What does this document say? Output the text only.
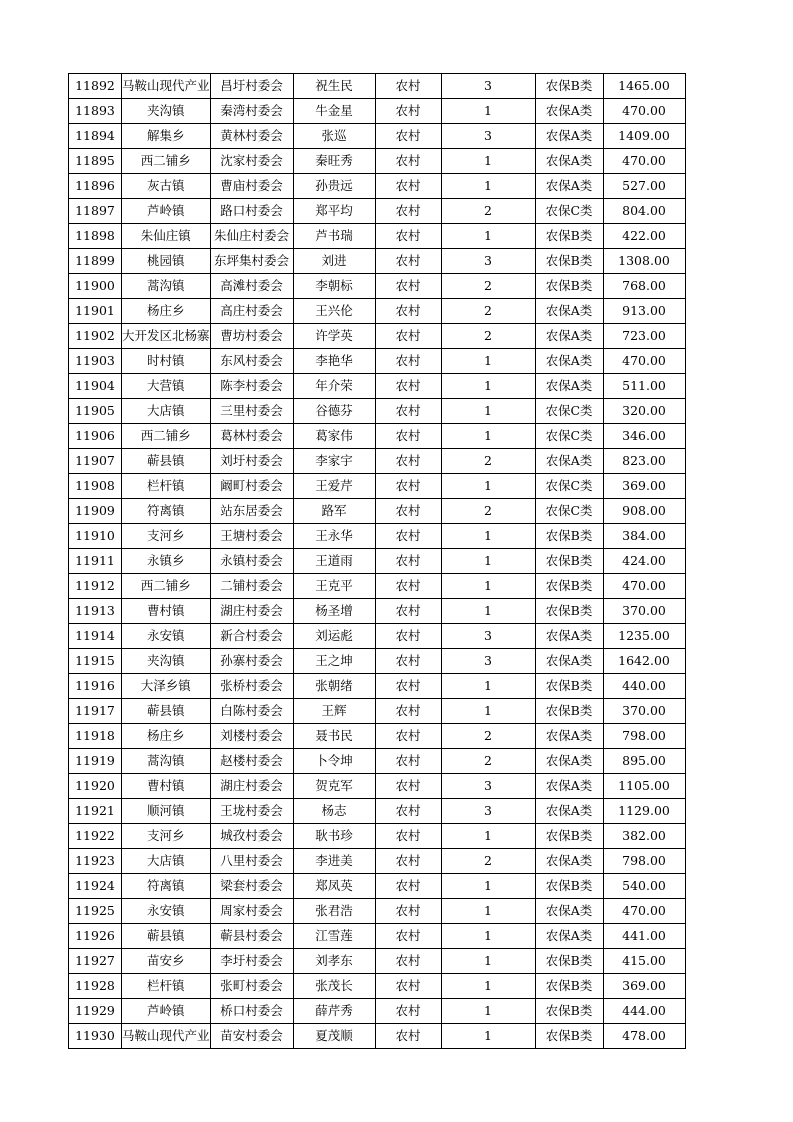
11892	马鞍山现代产业	昌圩村委会	祝生民	农村	3	农保B类	1465.00
11893	夹沟镇	秦湾村委会	牛金星	农村	1	农保A类	470.00
11894	解集乡	黄林村委会	张巡	农村	3	农保A类	1409.00
11895	西二铺乡	沈家村委会	秦旺秀	农村	1	农保A类	470.00
11896	灰古镇	曹庙村委会	孙贵远	农村	1	农保A类	527.00
11897	芦岭镇	路口村委会	郑平均	农村	2	农保C类	804.00
11898	朱仙庄镇	朱仙庄村委会	芦书瑞	农村	1	农保B类	422.00
11899	桃园镇	东坪集村委会	刘进	农村	3	农保B类	1308.00
11900	蒿沟镇	高滩村委会	李朝标	农村	2	农保B类	768.00
11901	杨庄乡	高庄村委会	王兴伦	农村	2	农保A类	913.00
11902	大开发区北杨寨	曹坊村委会	许学英	农村	2	农保A类	723.00
11903	时村镇	东风村委会	李艳华	农村	1	农保A类	470.00
11904	大营镇	陈李村委会	年介荣	农村	1	农保A类	511.00
11905	大店镇	三里村委会	谷德芬	农村	1	农保C类	320.00
11906	西二铺乡	葛林村委会	葛家伟	农村	1	农保C类	346.00
11907	蕲县镇	刘圩村委会	李家宇	农村	2	农保A类	823.00
11908	栏杆镇	阚町村委会	王爱芹	农村	1	农保C类	369.00
11909	符离镇	站东居委会	路军	农村	2	农保C类	908.00
11910	支河乡	王塘村委会	王永华	农村	1	农保B类	384.00
11911	永镇乡	永镇村委会	王道雨	农村	1	农保B类	424.00
11912	西二铺乡	二铺村委会	王克平	农村	1	农保B类	470.00
11913	曹村镇	湖庄村委会	杨圣增	农村	1	农保B类	370.00
11914	永安镇	新合村委会	刘运彪	农村	3	农保A类	1235.00
11915	夹沟镇	孙寨村委会	王之坤	农村	3	农保A类	1642.00
11916	大泽乡镇	张桥村委会	张朝绪	农村	1	农保B类	440.00
11917	蕲县镇	白陈村委会	王辉	农村	1	农保B类	370.00
11918	杨庄乡	刘楼村委会	聂书民	农村	2	农保A类	798.00
11919	蒿沟镇	赵楼村委会	卜令坤	农村	2	农保A类	895.00
11920	曹村镇	湖庄村委会	贺克军	农村	3	农保A类	1105.00
11921	顺河镇	王垅村委会	杨志	农村	3	农保A类	1129.00
11922	支河乡	城孜村委会	耿书珍	农村	1	农保B类	382.00
11923	大店镇	八里村委会	李进美	农村	2	农保A类	798.00
11924	符离镇	梁套村委会	郑凤英	农村	1	农保B类	540.00
11925	永安镇	周家村委会	张君浩	农村	1	农保A类	470.00
11926	蕲县镇	蕲县村委会	江雪莲	农村	1	农保A类	441.00
11927	苗安乡	李圩村委会	刘孝东	农村	1	农保B类	415.00
11928	栏杆镇	张町村委会	张茂长	农村	1	农保B类	369.00
11929	芦岭镇	桥口村委会	薛芹秀	农村	1	农保B类	444.00
11930	马鞍山现代产业	苗安村委会	夏茂顺	农村	1	农保B类	478.00
